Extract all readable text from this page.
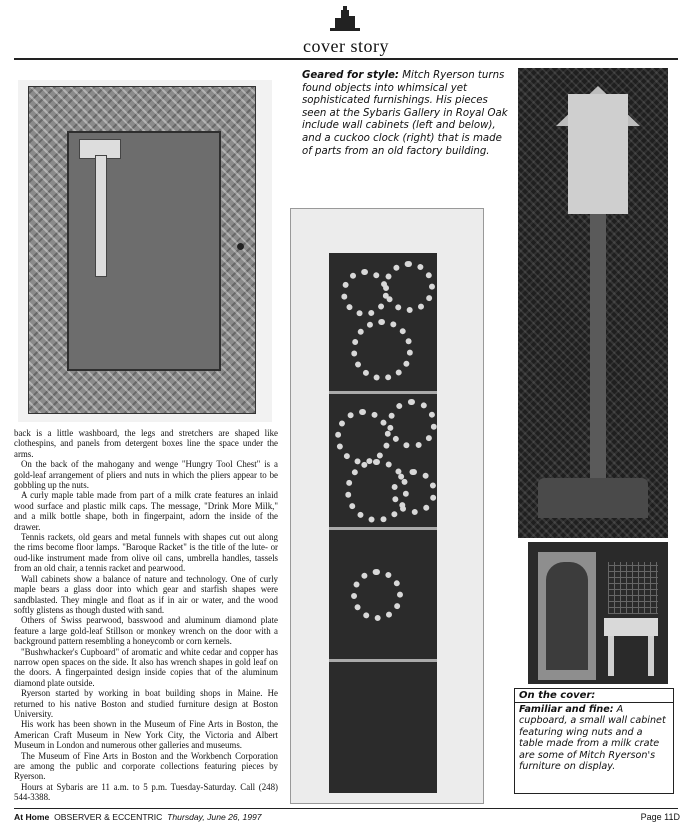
cover story
Geared for style: Mitch Ryerson turns found objects into whimsical yet sophisticated furnishings. His pieces seen at the Sybaris Gallery in Royal Oak include wall cabinets (left and below), and a cuckoo clock (right) that is made of parts from an old factory building.
On the cover:
Familiar and fine: A cupboard, a small wall cabinet featuring wing nuts and a table made from a milk crate are some of Mitch Ryerson's furniture on display.

back is a little washboard, the legs and stretchers are shaped like clothespins, and panels from detergent boxes line the space under the arms.

On the back of the mahogany and wenge "Hungry Tool Chest" is a gold-leaf arrangement of pliers and nuts in which the pliers appear to be gobbling up the nuts.

A curly maple table made from part of a milk crate features an inlaid wood surface and plastic milk caps. The message, "Drink More Milk," and a milk bottle shape, both in fingerpaint, adorn the inside of the drawer.

Tennis rackets, old gears and metal funnels with shapes cut out along the rims become floor lamps. "Baroque Racket" is the title of the lute- or oud-like instrument made from olive oil cans, umbrella handles, tassels from an old chair, a tennis racket and pearwood.

Wall cabinets show a balance of nature and technology. One of curly maple bears a glass door into which gear and starfish shapes were sandblasted. They mingle and float as if in air or water, and the wood softly glistens as though dusted with sand.

Others of Swiss pearwood, basswood and aluminum diamond plate feature a large gold-leaf Stillson or monkey wrench on the door with a background pattern resembling a honeycomb or corn kernels.

"Bushwhacker's Cupboard" of aromatic and white cedar and copper has narrow open spaces on the side. It also has wrench shapes in gold leaf on the doors. A fingerpainted design inside copies that of the aluminum diamond plate outside.

Ryerson started by working in boat building shops in Maine. He returned to his native Boston and studied furniture design at Boston University.

His work has been shown in the Museum of Fine Arts in Boston, the American Craft Museum in New York City, the Victoria and Albert Museum in London and numerous other galleries and museums.

The Museum of Fine Arts in Boston and the Workbench Corporation are among the public and corporate collections featuring pieces by Ryerson.

Hours at Sybaris are 11 a.m. to 5 p.m. Tuesday-Saturday. Call (248) 544-3388.

At Home OBSERVER & ECCENTRIC Thursday, June 26, 1997	Page 11D
